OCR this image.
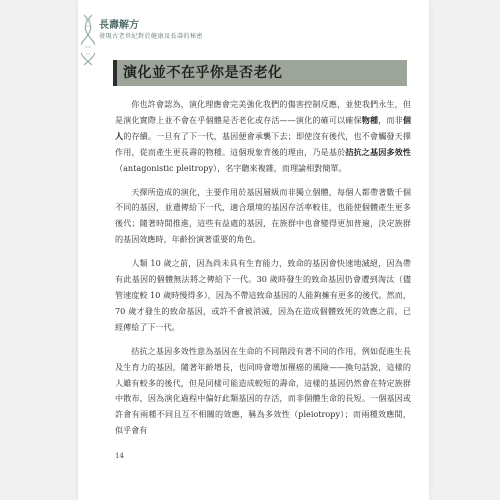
長壽解方
發現古老世紀對於健康及長壽的秘密
演化並不在乎你是否老化

你也許會認為，演化理應會完美強化我們的傷害控制反應，並使我們永生，但是演化實際上並不會在乎個體是否老化或存活——演化的確可以確保物種，而非個人的存續。一旦有了下一代，基因便會承襲下去；即使沒有後代，也不會觸發天擇作用，從而產生更長壽的物種。這個現象背後的理由，乃是基於拮抗之基因多效性（antagonistic pleitropy），名字聽來複雜，而理論相對簡單。

天擇所造成的演化，主要作用於基因層級而非獨立個體，每個人都帶著數千個不同的基因，並遺傳給下一代，適合環境的基因存活率較佳，也能使個體產生更多後代；隨著時間推進，這些有益處的基因，在族群中也會變得更加普遍，決定族群的基因效應時，年齡扮演著重要的角色。

人類 10 歲之前，因為尚未具有生育能力，致命的基因會快速地滅絕，因為帶有此基因的個體無法將之傳給下一代。30 歲時發生的致命基因仍會遭到淘汰（儘管速度較 10 歲時慢得多），因為不帶這致命基因的人能夠擁有更多的後代。然而，70 歲才發生的致命基因，或許不會被消滅，因為在造成個體致死的效應之前，已經傳給了下一代。

拮抗之基因多效性意為基因在生命的不同階段有著不同的作用，例如促進生長及生育力的基因，隨著年齡增長，也同時會增加罹癌的風險——換句話說，這樣的人雖有較多的後代，但是同樣可能造成較短的壽命，這樣的基因仍然會在特定族群中散布，因為演化過程中偏好此類基因的存活，而非個體生命的長短。一個基因或許會有兩種不同且互不相關的效應，稱為多效性（pleiotropy）；而兩種效應間，似乎會有

14
